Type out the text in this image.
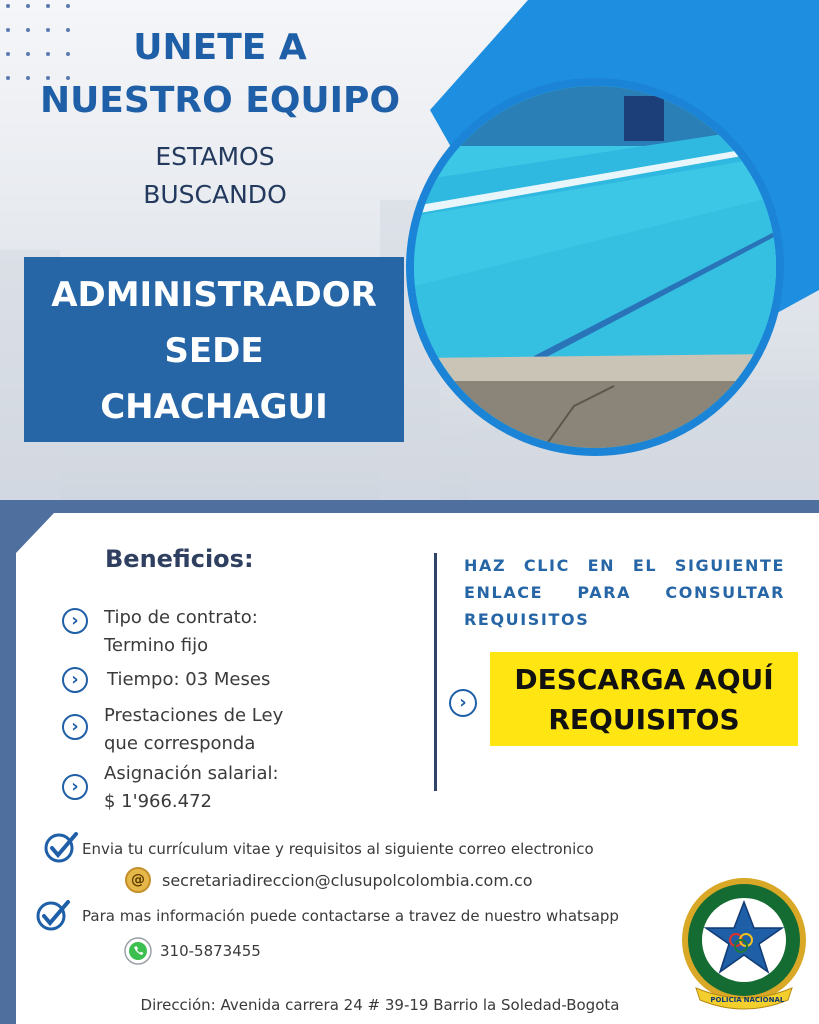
UNETE A
NUESTRO EQUIPO
ESTAMOS
BUSCANDO
ADMINISTRADOR
SEDE
CHACHAGUI
Beneficios:
›	Tipo de contrato:
Termino fijo
›	Tiempo: 03 Meses
›
Prestaciones de Ley
que corresponda
›
Asignación salarial:
$ 1'966.472
HAZ CLIC EN EL SIGUIENTE ENLACE PARA CONSULTAR REQUISITOS
›
DESCARGA AQUÍ
REQUISITOS
Envia tu currículum vitae y requisitos al siguiente correo electronico
@	secretariadireccion@clusupolcolombia.com.co
Para mas información puede contactarse a travez de nuestro whatsapp
310-5873455
Dirección: Avenida carrera 24 # 39-19 Barrio la Soledad-Bogota	POLICIA NACIONAL
